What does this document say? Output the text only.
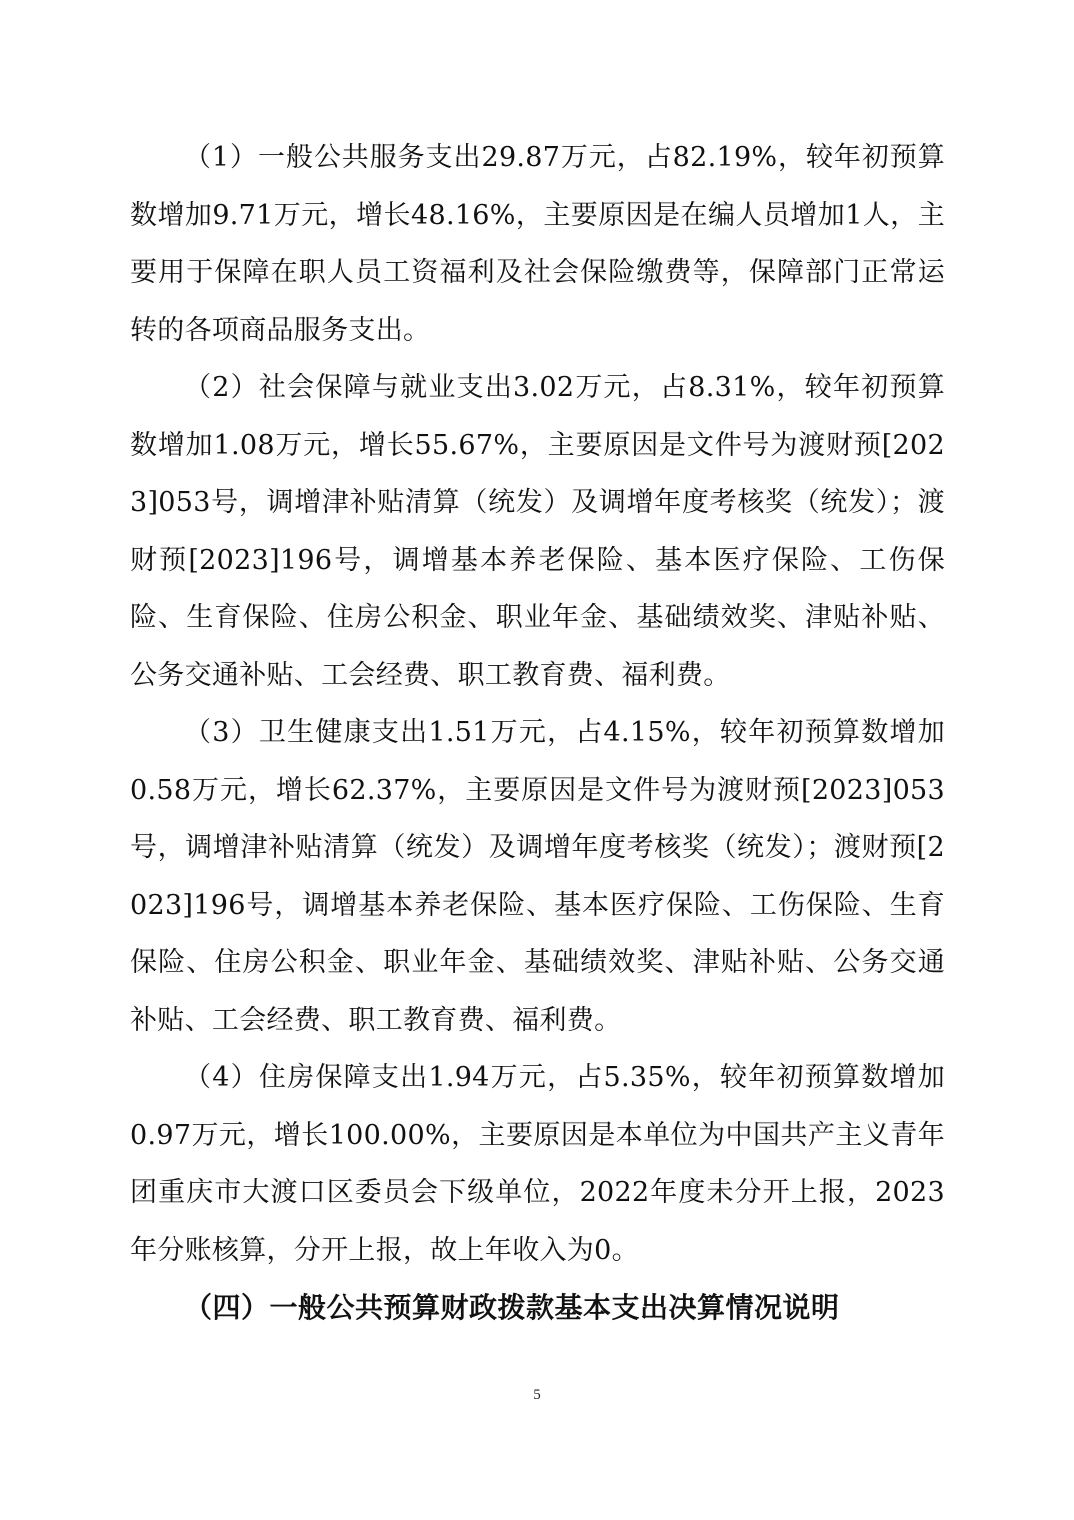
（1）一般公共服务支出29.87万元，占82.19%，较年初预算数增加9.71万元，增长48.16%，主要原因是在编人员增加1人，主要用于保障在职人员工资福利及社会保险缴费等，保障部门正常运转的各项商品服务支出。

（2）社会保障与就业支出3.02万元，占8.31%，较年初预算数增加1.08万元，增长55.67%，主要原因是文件号为渡财预[2023]053号，调增津补贴清算（统发）及调增年度考核奖（统发）；渡财预[2023]196号，调增基本养老保险、基本医疗保险、工伤保险、生育保险、住房公积金、职业年金、基础绩效奖、津贴补贴、公务交通补贴、工会经费、职工教育费、福利费。

（3）卫生健康支出1.51万元，占4.15%，较年初预算数增加0.58万元，增长62.37%，主要原因是文件号为渡财预[2023]053号，调增津补贴清算（统发）及调增年度考核奖（统发）；渡财预[2023]196号，调增基本养老保险、基本医疗保险、工伤保险、生育保险、住房公积金、职业年金、基础绩效奖、津贴补贴、公务交通补贴、工会经费、职工教育费、福利费。

（4）住房保障支出1.94万元，占5.35%，较年初预算数增加0.97万元，增长100.00%，主要原因是本单位为中国共产主义青年团重庆市大渡口区委员会下级单位，2022年度未分开上报，2023年分账核算，分开上报，故上年收入为0。

（四）一般公共预算财政拨款基本支出决算情况说明

5
